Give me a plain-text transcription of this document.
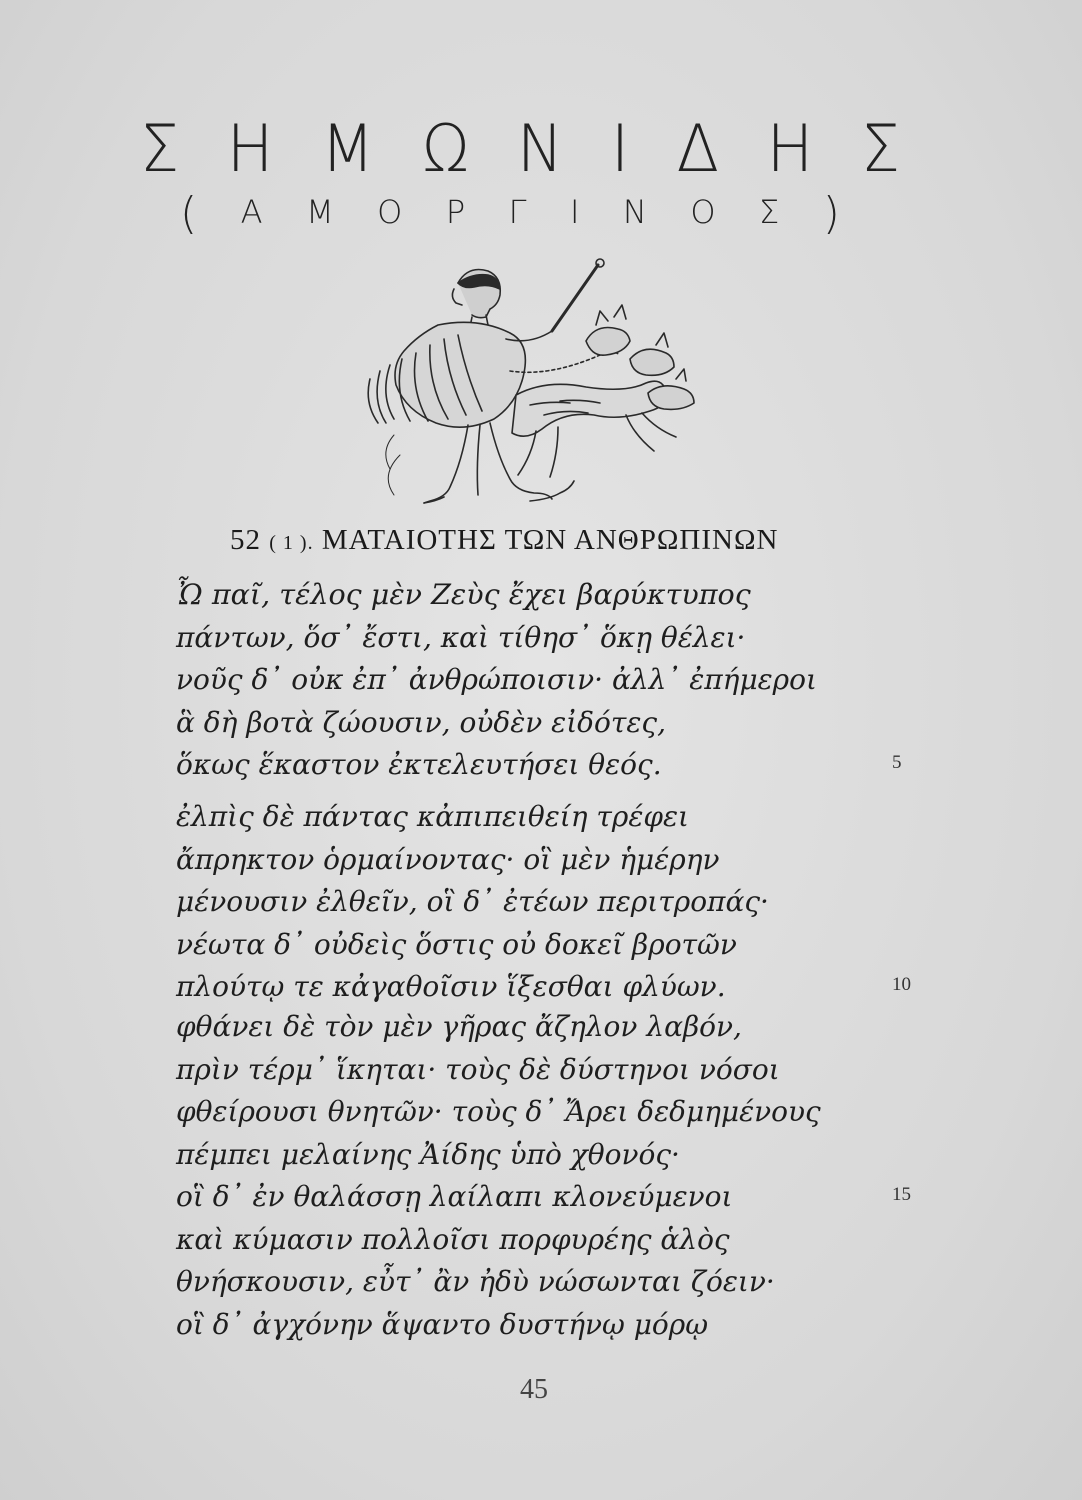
Σ Η Μ Ω Ν Ι Δ Η Σ
( Α Μ Ο Ρ Γ Ι Ν Ο Σ )
52 ( 1 ). ΜΑΤΑΙΟΤΗΣ ΤΩΝ ΑΝΘΡΩΠΙΝΩΝ
Ὦ παῖ, τέλος μὲν Ζεὺς ἔχει βαρύκτυπος
πάντων, ὅσ᾽ ἔστι, καὶ τίθησ᾽ ὅκῃ θέλει·
νοῦς δ᾽ οὐκ ἐπ᾽ ἀνθρώποισιν· ἀλλ᾽ ἐπήμεροι
ἃ δὴ βοτὰ ζώουσιν, οὐδὲν εἰδότες,
ὅκως ἕκαστον ἐκτελευτήσει θεός.	5
ἐλπὶς δὲ πάντας κἀπιπειθείη τρέφει
ἄπρηκτον ὁρμαίνοντας· οἳ μὲν ἡμέρην
μένουσιν ἐλθεῖν, οἳ δ᾽ ἐτέων περιτροπάς·
νέωτα δ᾽ οὐδεὶς ὅστις οὐ δοκεῖ βροτῶν
πλούτῳ τε κἀγαθοῖσιν ἵξεσθαι φλύων.	10
φθάνει δὲ τὸν μὲν γῆρας ἄζηλον λαβόν,
πρὶν τέρμ᾽ ἵκηται· τοὺς δὲ δύστηνοι νόσοι
φθείρουσι θνητῶν· τοὺς δ᾽ Ἄρει δεδμημένους
πέμπει μελαίνης Ἀίδης ὑπὸ χθονός·
οἳ δ᾽ ἐν θαλάσσῃ λαίλαπι κλονεύμενοι	15
καὶ κύμασιν πολλοῖσι πορφυρέης ἁλὸς
θνήσκουσιν, εὖτ᾽ ἂν ἠδὺ νώσωνται ζόειν·
οἳ δ᾽ ἀγχόνην ἅψαντο δυστήνῳ μόρῳ
45
